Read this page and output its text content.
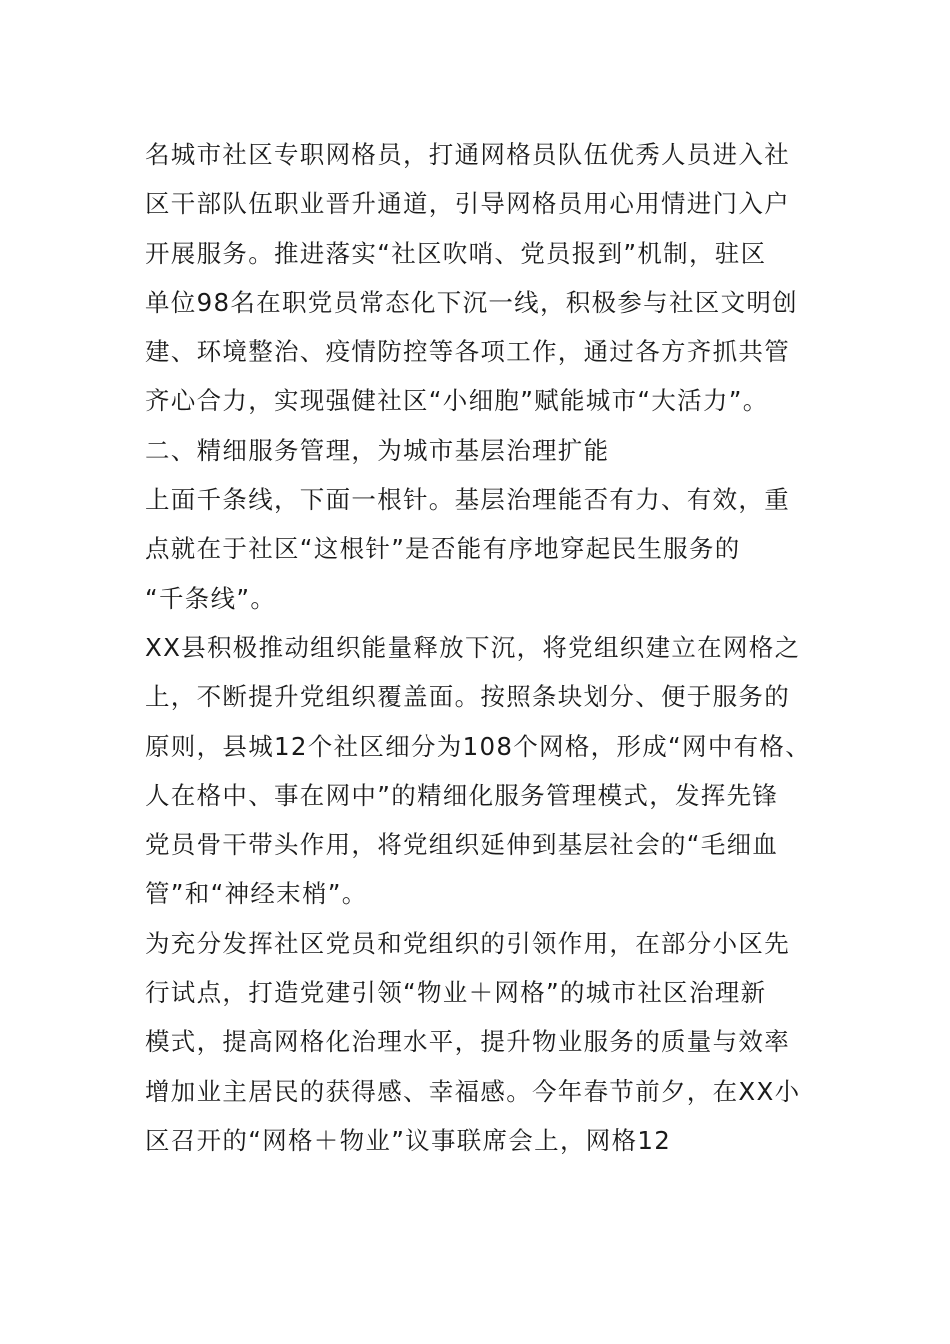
名城市社区专职网格员，打通网格员队伍优秀人员进入社
区干部队伍职业晋升通道，引导网格员用心用情进门入户
开展服务。推进落实“社区吹哨、党员报到”机制，驻区
单位98名在职党员常态化下沉一线，积极参与社区文明创
建、环境整治、疫情防控等各项工作，通过各方齐抓共管
齐心合力，实现强健社区“小细胞”赋能城市“大活力”。
二、精细服务管理，为城市基层治理扩能
上面千条线，下面一根针。基层治理能否有力、有效，重
点就在于社区“这根针”是否能有序地穿起民生服务的
“千条线”。
XX县积极推动组织能量释放下沉，将党组织建立在网格之
上，不断提升党组织覆盖面。按照条块划分、便于服务的
原则，县城12个社区细分为108个网格，形成“网中有格、
人在格中、事在网中”的精细化服务管理模式，发挥先锋
党员骨干带头作用，将党组织延伸到基层社会的“毛细血
管”和“神经末梢”。
为充分发挥社区党员和党组织的引领作用，在部分小区先
行试点，打造党建引领“物业＋网格”的城市社区治理新
模式，提高网格化治理水平，提升物业服务的质量与效率
增加业主居民的获得感、幸福感。今年春节前夕，在XX小
区召开的“网格＋物业”议事联席会上，网格12
